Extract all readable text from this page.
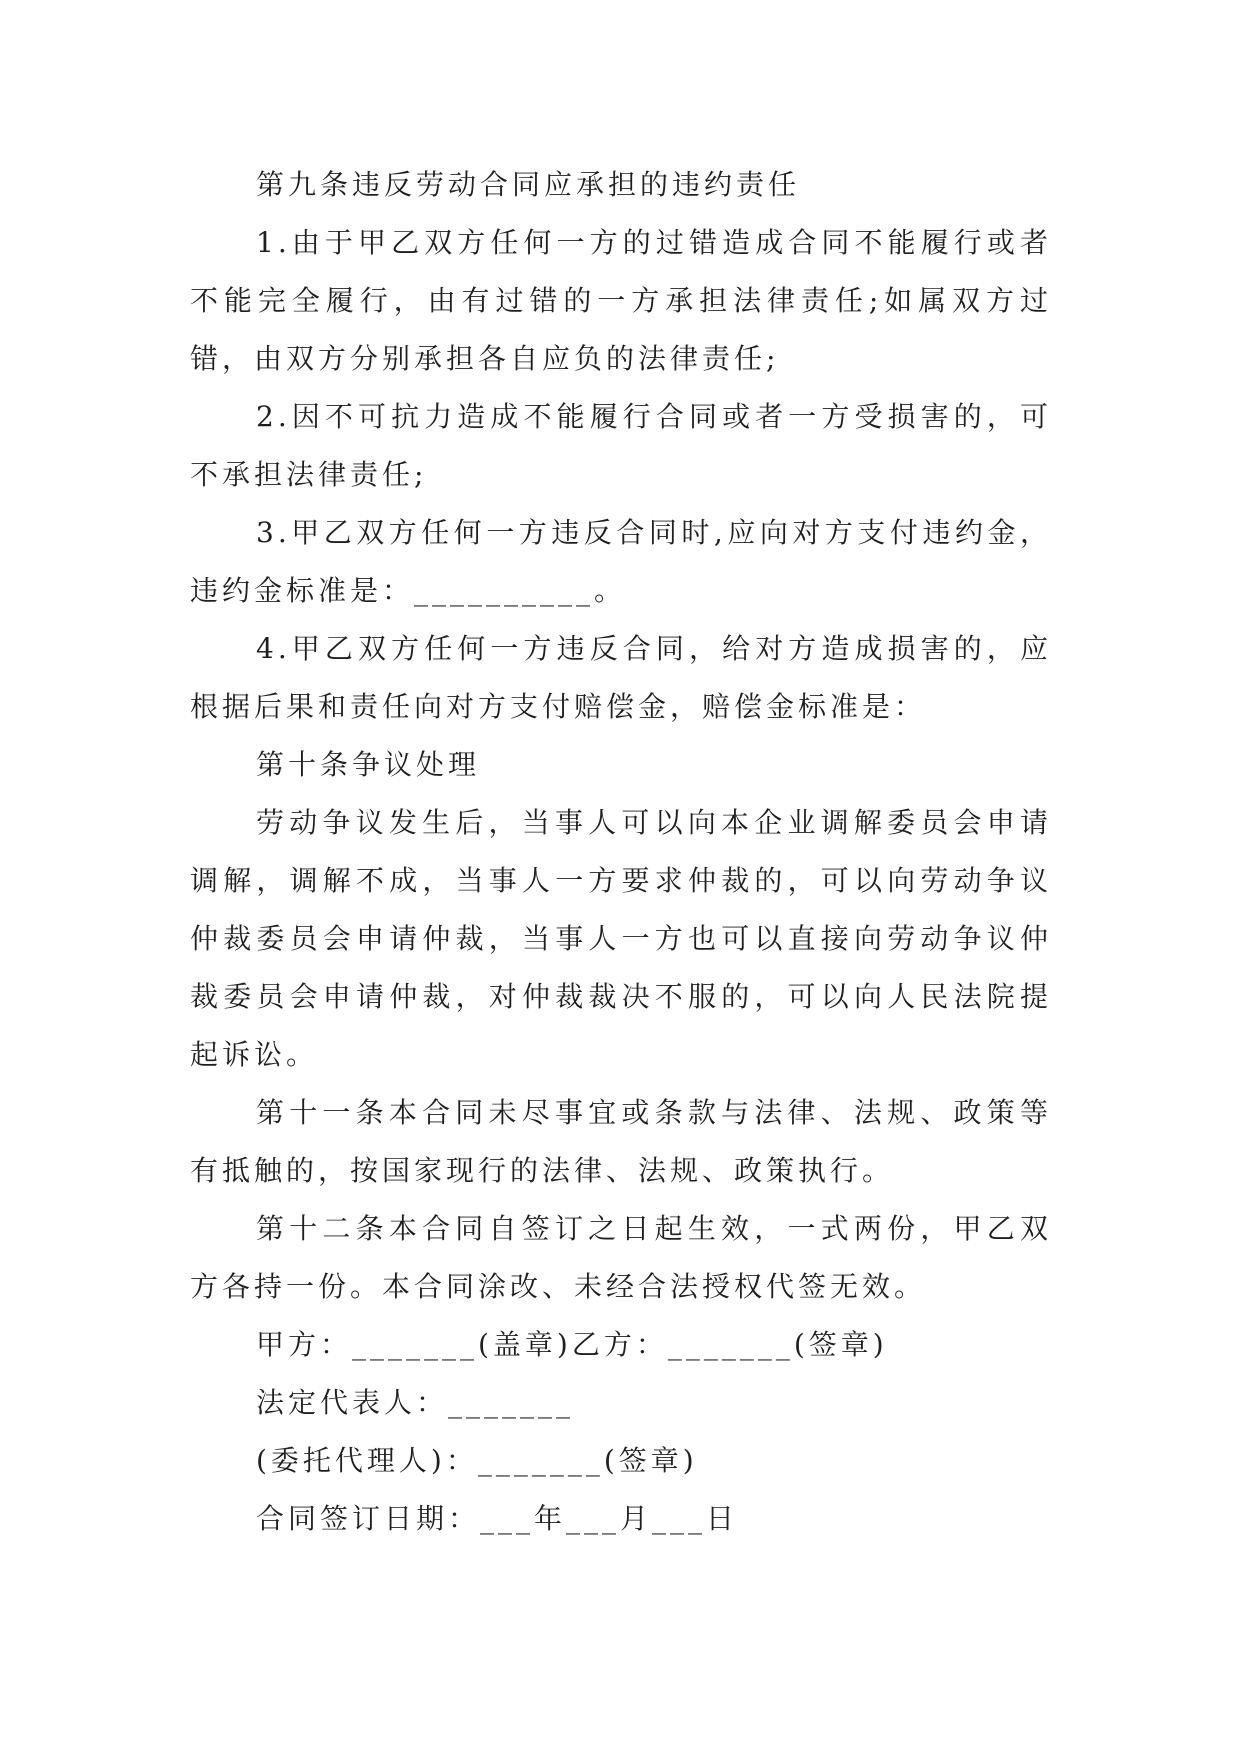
第九条违反劳动合同应承担的违约责任

1.由于甲乙双方任何一方的过错造成合同不能履行或者不能完全履行，由有过错的一方承担法律责任;如属双方过错，由双方分别承担各自应负的法律责任;

2.因不可抗力造成不能履行合同或者一方受损害的，可不承担法律责任;

3.甲乙双方任何一方违反合同时,应向对方支付违约金，违约金标准是：__________。

4.甲乙双方任何一方违反合同，给对方造成损害的，应根据后果和责任向对方支付赔偿金，赔偿金标准是：

第十条争议处理

劳动争议发生后，当事人可以向本企业调解委员会申请调解，调解不成，当事人一方要求仲裁的，可以向劳动争议仲裁委员会申请仲裁，当事人一方也可以直接向劳动争议仲裁委员会申请仲裁，对仲裁裁决不服的，可以向人民法院提起诉讼。

第十一条本合同未尽事宜或条款与法律、法规、政策等有抵触的，按国家现行的法律、法规、政策执行。

第十二条本合同自签订之日起生效，一式两份，甲乙双方各持一份。本合同涂改、未经合法授权代签无效。

甲方：_______(盖章)乙方：_______(签章)

法定代表人：_______

(委托代理人)：_______(签章)

合同签订日期：___年___月___日
